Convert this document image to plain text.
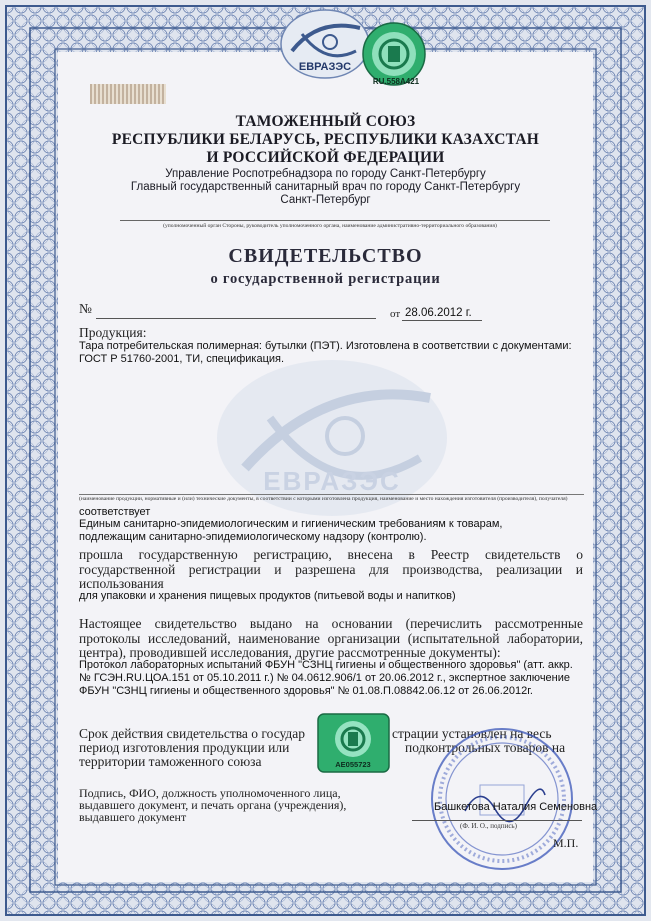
ЕВРАЗЭС
ЕВРАЗЭС
RU.558А421

ТАМОЖЕННЫЙ СОЮЗ

РЕСПУБЛИКИ БЕЛАРУСЬ, РЕСПУБЛИКИ КАЗАХСТАН

И РОССИЙСКОЙ ФЕДЕРАЦИИ

Управление Роспотребнадзора по городу Санкт-Петербургу

Главный государственный санитарный врач по городу Санкт-Петербургу

Санкт-Петербург

(уполномоченный орган Стороны, руководитель уполномоченного органа, наименование административно-территориального образования)

СВИДЕТЕЛЬСТВО

о государственной регистрации

№	от 28.06.2012 г.
Продукция:

Тара потребительская полимерная: бутылки (ПЭТ). Изготовлена в соответствии с документами: ГОСТ Р 51760-2001, ТИ, спецификация.

(наименование продукции, нормативные и (или) технические документы, в соответствии с которыми изготовлена продукция, наименование и место нахождения изготовителя (производителя), получателя)

соответствует

Единым санитарно-эпидемиологическим и гигиеническим требованиям к товарам, подлежащим санитарно-эпидемиологическому надзору (контролю).

прошла государственную регистрацию, внесена в Реестр свидетельств о государственной регистрации и разрешена для производства, реализации и использования

для упаковки и хранения пищевых продуктов (питьевой воды и напитков)

Настоящее свидетельство выдано на основании (перечислить рассмотренные протоколы исследований, наименование организации (испытательной лаборатории, центра), проводившей исследования, другие рассмотренные документы):

Протокол лабораторных испытаний ФБУН "СЗНЦ гигиены и общественного здоровья" (атт. аккр. № ГСЭН.RU.ЦОА.151 от 05.10.2011 г.) № 04.0612.906/1 от 20.06.2012 г., экспертное заключение ФБУН "СЗНЦ гигиены и общественного здоровья" № 01.08.П.08842.06.12 от 26.06.2012г.

Срок действия свидетельства о государ	страции установлен на весь
период изготовления продукции или	подконтрольных товаров на
территории таможенного союза	АЕ055723
Подпись, ФИО, должность уполномоченного лица,
выдавшего документ, и печать органа (учреждения),
выдавшего документ
Башкетова Наталия Семеновна
(Ф. И. О., подпись)
М.П.
